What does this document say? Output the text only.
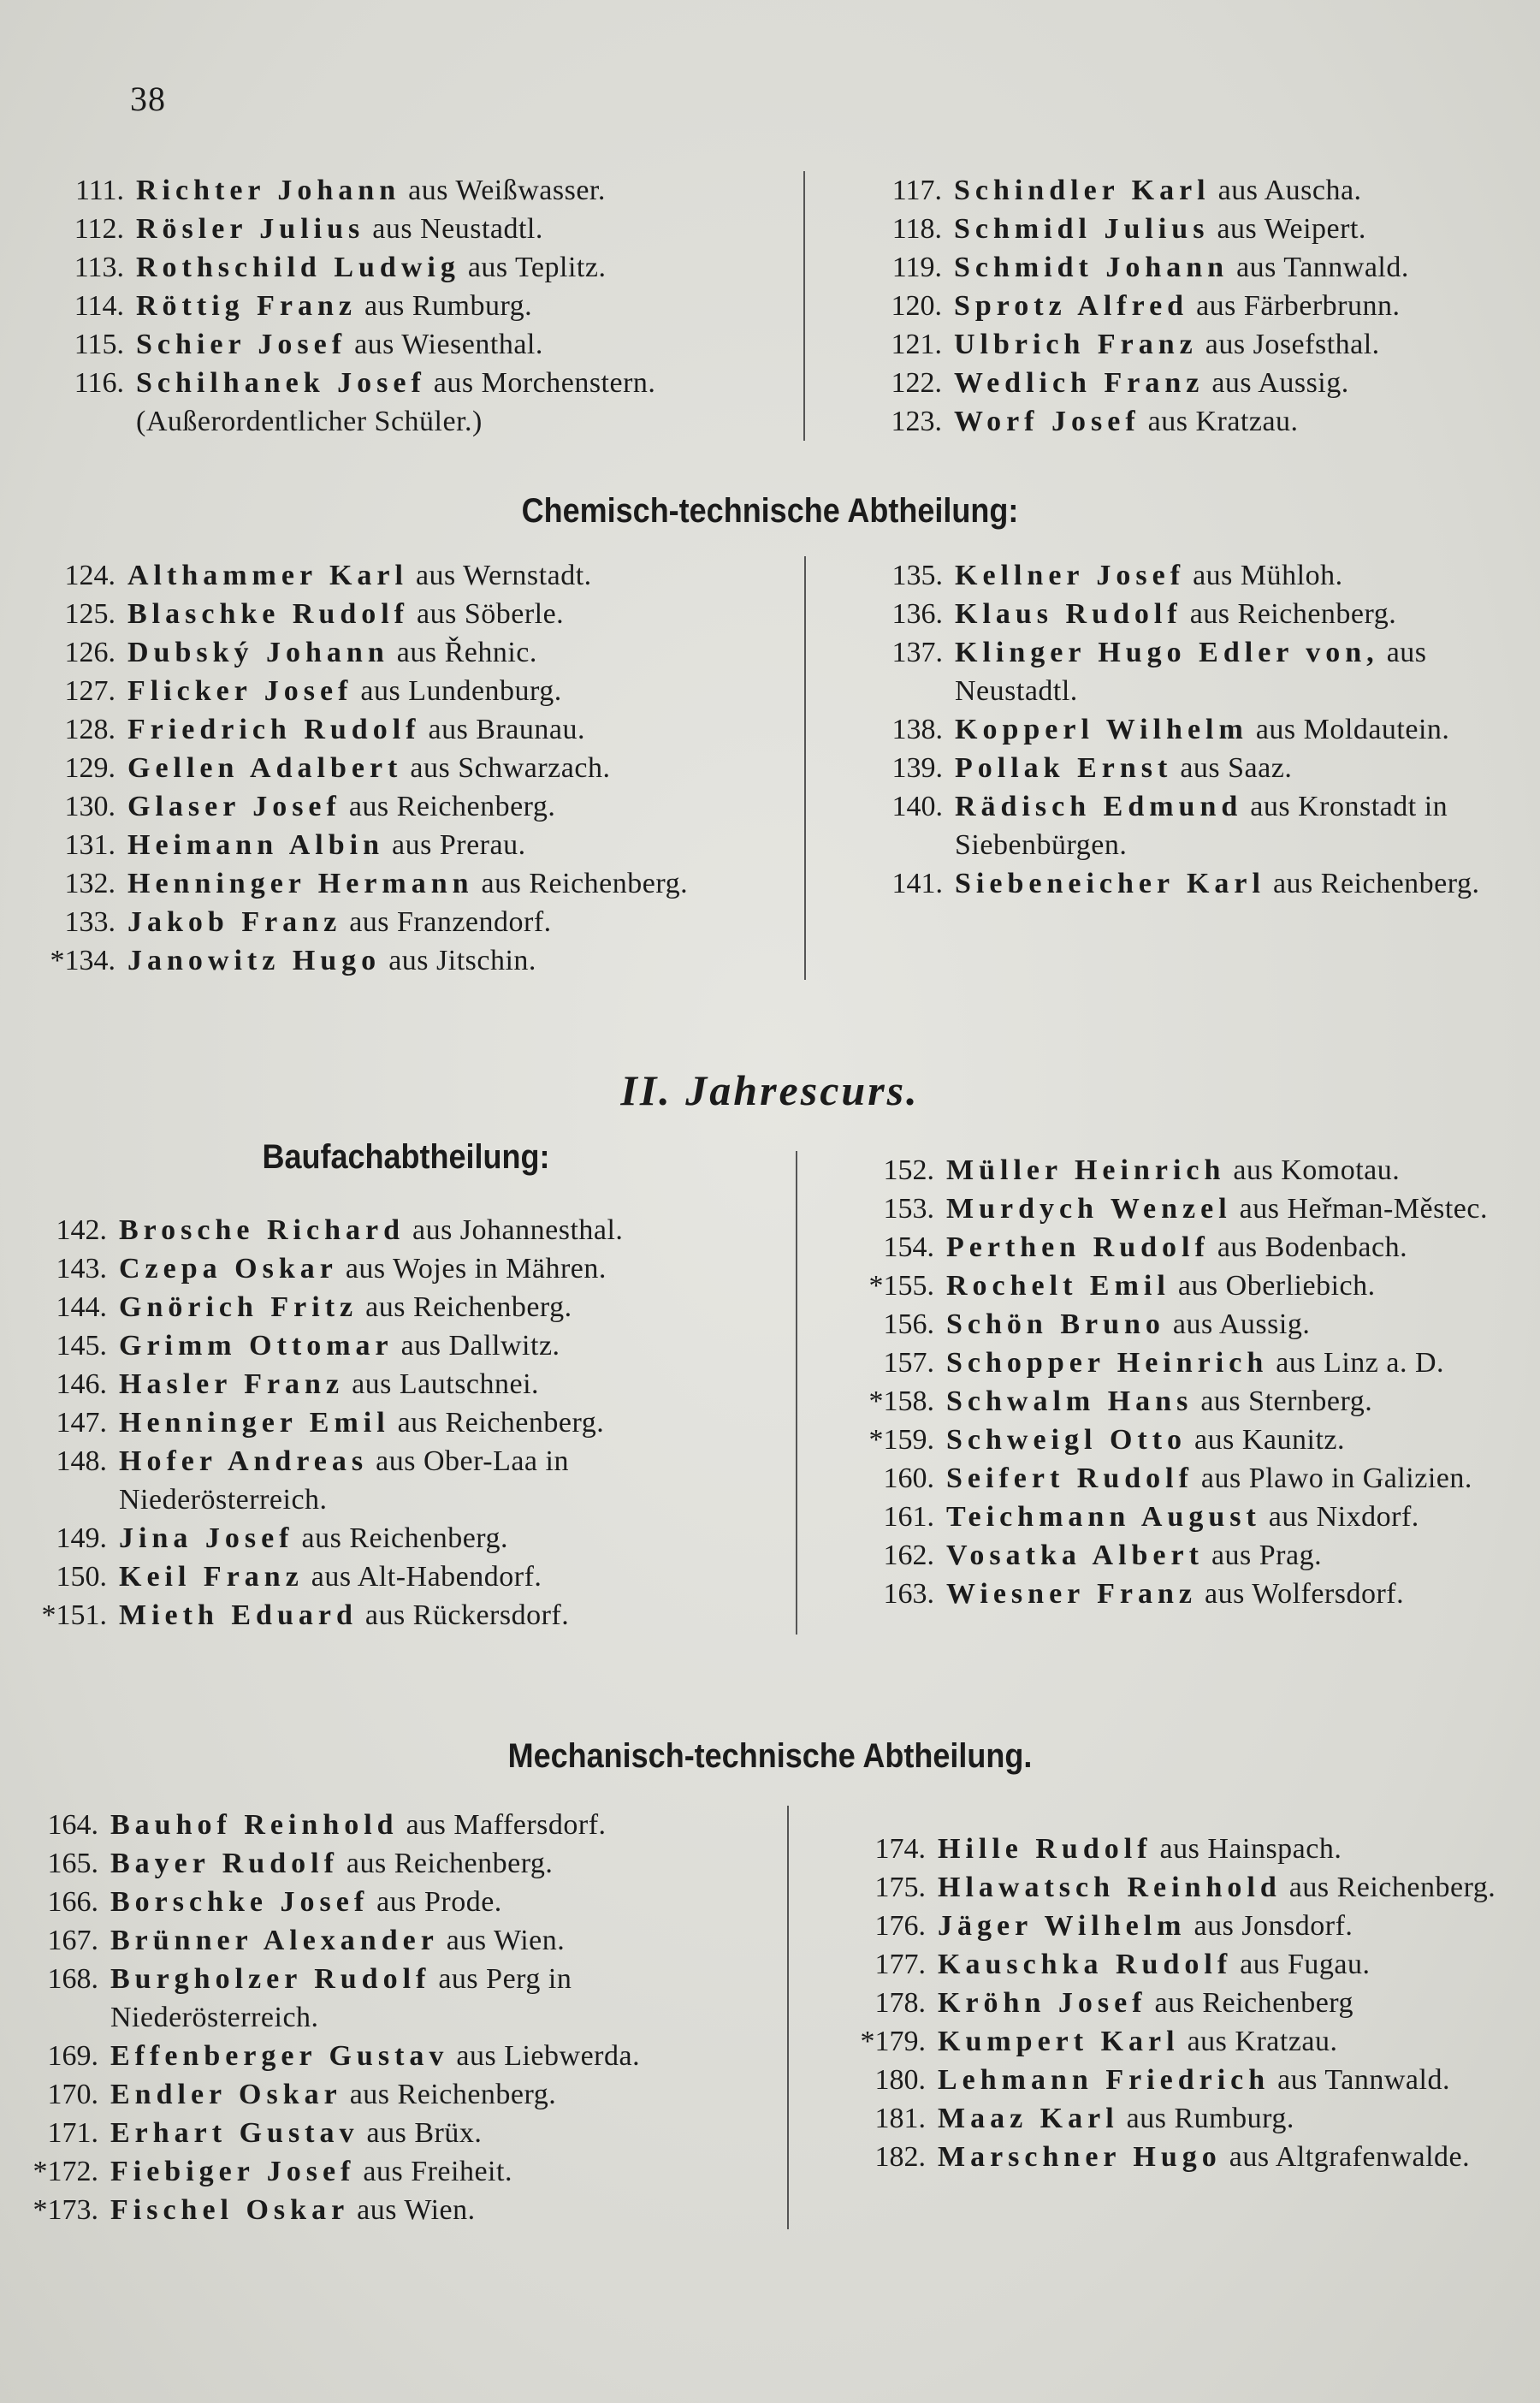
38
111. Richter Johann aus Weißwasser.
112. Rösler Julius aus Neustadtl.
113. Rothschild Ludwig aus Teplitz.
114. Röttig Franz aus Rumburg.
115. Schier Josef aus Wiesenthal.
116. Schilhanek Josef aus Morchenstern. (Außerordentlicher Schüler.)
117. Schindler Karl aus Auscha.
118. Schmidl Julius aus Weipert.
119. Schmidt Johann aus Tannwald.
120. Sprotz Alfred aus Färberbrunn.
121. Ulbrich Franz aus Josefsthal.
122. Wedlich Franz aus Aussig.
123. Worf Josef aus Kratzau.
Chemisch-technische Abtheilung:
124. Althammer Karl aus Wernstadt.
125. Blaschke Rudolf aus Söberle.
126. Dubský Johann aus Řehnic.
127. Flicker Josef aus Lundenburg.
128. Friedrich Rudolf aus Braunau.
129. Gellen Adalbert aus Schwarzach.
130. Glaser Josef aus Reichenberg.
131. Heimann Albin aus Prerau.
132. Henninger Hermann aus Reichenberg.
133. Jakob Franz aus Franzendorf.
*134. Janowitz Hugo aus Jitschin.
135. Kellner Josef aus Mühloh.
136. Klaus Rudolf aus Reichenberg.
137. Klinger Hugo Edler von, aus Neustadtl.
138. Kopperl Wilhelm aus Moldautein.
139. Pollak Ernst aus Saaz.
140. Rädisch Edmund aus Kronstadt in Siebenbürgen.
141. Siebeneicher Karl aus Reichenberg.
II. Jahrescurs.
Baufachabtheilung:
142. Brosche Richard aus Johannesthal.
143. Czepa Oskar aus Wojes in Mähren.
144. Gnörich Fritz aus Reichenberg.
145. Grimm Ottomar aus Dallwitz.
146. Hasler Franz aus Lautschnei.
147. Henninger Emil aus Reichenberg.
148. Hofer Andreas aus Ober-Laa in Niederösterreich.
149. Jina Josef aus Reichenberg.
150. Keil Franz aus Alt-Habendorf.
*151. Mieth Eduard aus Rückersdorf.
152. Müller Heinrich aus Komotau.
153. Murdych Wenzel aus Heřman-Městec.
154. Perthen Rudolf aus Bodenbach.
*155. Rochelt Emil aus Oberliebich.
156. Schön Bruno aus Aussig.
157. Schopper Heinrich aus Linz a. D.
*158. Schwalm Hans aus Sternberg.
*159. Schweigl Otto aus Kaunitz.
160. Seifert Rudolf aus Plawo in Galizien.
161. Teichmann August aus Nixdorf.
162. Vosatka Albert aus Prag.
163. Wiesner Franz aus Wolfersdorf.
Mechanisch-technische Abtheilung.
164. Bauhof Reinhold aus Maffersdorf.
165. Bayer Rudolf aus Reichenberg.
166. Borschke Josef aus Prode.
167. Brünner Alexander aus Wien.
168. Burgholzer Rudolf aus Perg in Niederösterreich.
169. Effenberger Gustav aus Liebwerda.
170. Endler Oskar aus Reichenberg.
171. Erhart Gustav aus Brüx.
*172. Fiebiger Josef aus Freiheit.
*173. Fischel Oskar aus Wien.
174. Hille Rudolf aus Hainspach.
175. Hlawatsch Reinhold aus Reichenberg.
176. Jäger Wilhelm aus Jonsdorf.
177. Kauschka Rudolf aus Fugau.
178. Kröhn Josef aus Reichenberg
*179. Kumpert Karl aus Kratzau.
180. Lehmann Friedrich aus Tannwald.
181. Maaz Karl aus Rumburg.
182. Marschner Hugo aus Altgrafenwalde.
